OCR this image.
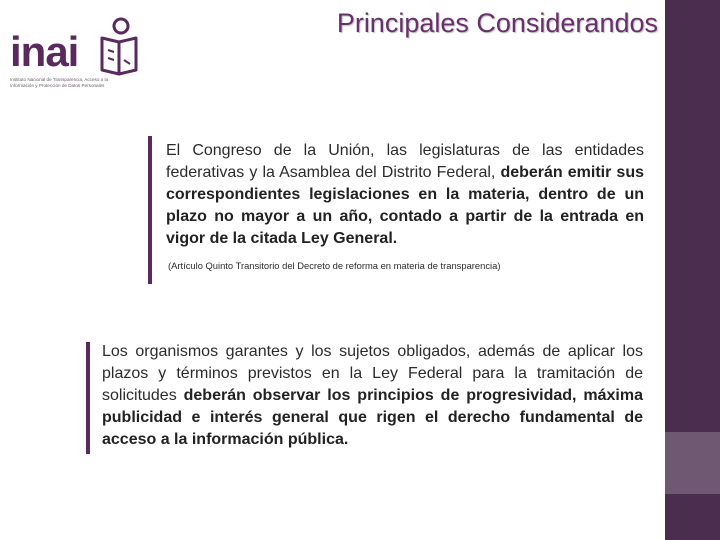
inai
Instituto Nacional de Transparencia, Acceso a la
Información y Protección de Datos Personales
Principales Considerandos

El Congreso de la Unión, las legislaturas de las entidades federativas y la Asamblea del Distrito Federal, deberán emitir sus correspondientes legislaciones en la materia, dentro de un plazo no mayor a un año, contado a partir de la entrada en vigor de la citada Ley General.

(Artículo Quinto Transitorio del Decreto de reforma en materia de transparencia)

Los organismos garantes y los sujetos obligados, además de aplicar los plazos y términos previstos en la Ley Federal para la tramitación de solicitudes deberán observar los principios de progresividad, máxima publicidad e interés general que rigen el derecho fundamental de acceso a la información pública.
